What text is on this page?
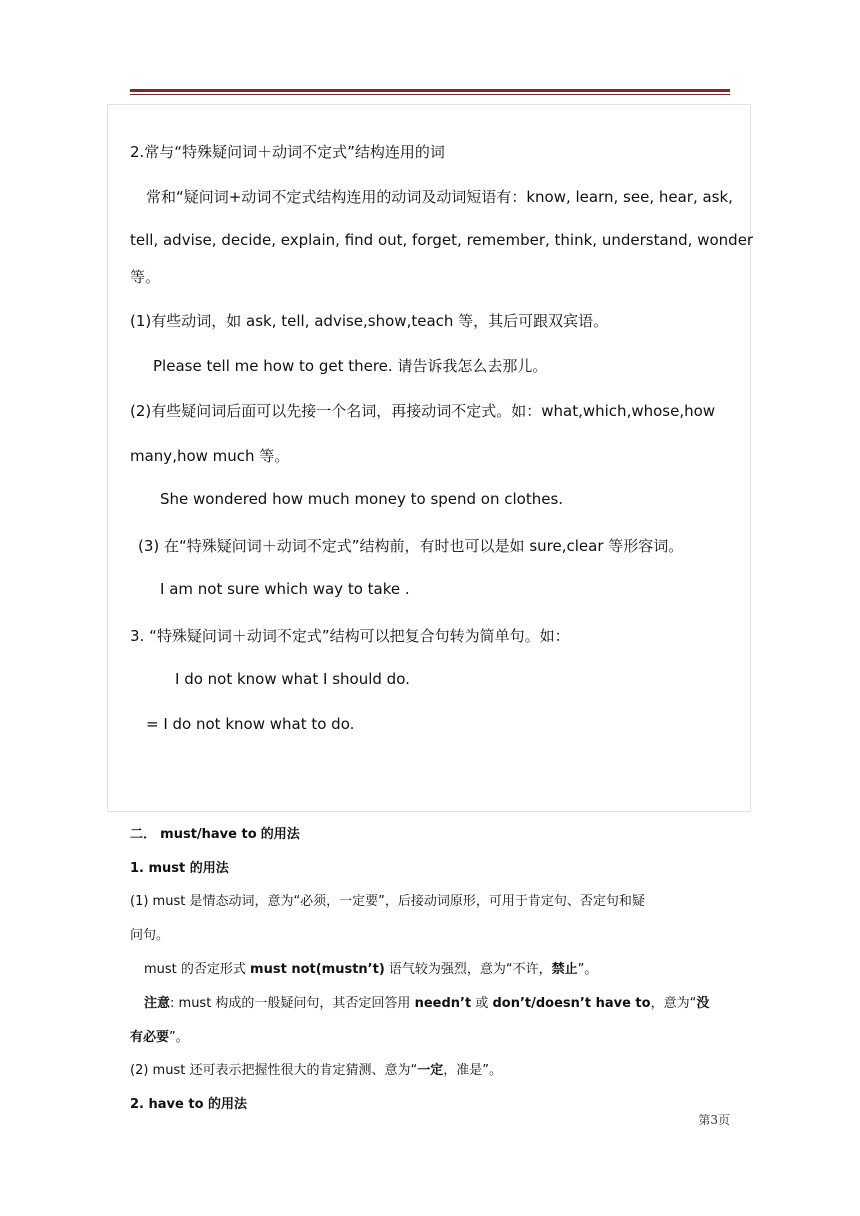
2.常与“特殊疑问词＋动词不定式”结构连用的词
常和“疑问词+动词不定式结构连用的动词及动词短语有：know, learn, see, hear, ask,
tell, advise, decide, explain, find out, forget, remember, think, understand, wonder
等。
(1)有些动词，如 ask, tell, advise,show,teach 等，其后可跟双宾语。
Please tell me how to get there. 请告诉我怎么去那儿。
(2)有些疑问词后面可以先接一个名词，再接动词不定式。如：what,which,whose,how
many,how much 等。
She wondered how much money to spend on clothes.
(3) 在“特殊疑问词＋动词不定式”结构前，有时也可以是如 sure,clear 等形容词。
I am not sure which way to take .
3. “特殊疑问词＋动词不定式”结构可以把复合句转为简单句。如：
I do not know what I should do.
= I do not know what to do.
二． must/have to 的用法
1. must 的用法
(1) must 是情态动词，意为“必须，一定要”，后接动词原形，可用于肯定句、否定句和疑
问句。
must 的否定形式 must not(mustn’t) 语气较为强烈，意为“不许，禁止”。
注意: must 构成的一般疑问句，其否定回答用 needn’t 或 don’t/doesn’t have to，意为“没
有必要”。
(2) must 还可表示把握性很大的肯定猜测、意为“一定，准是”。
2. have to 的用法
第3页
